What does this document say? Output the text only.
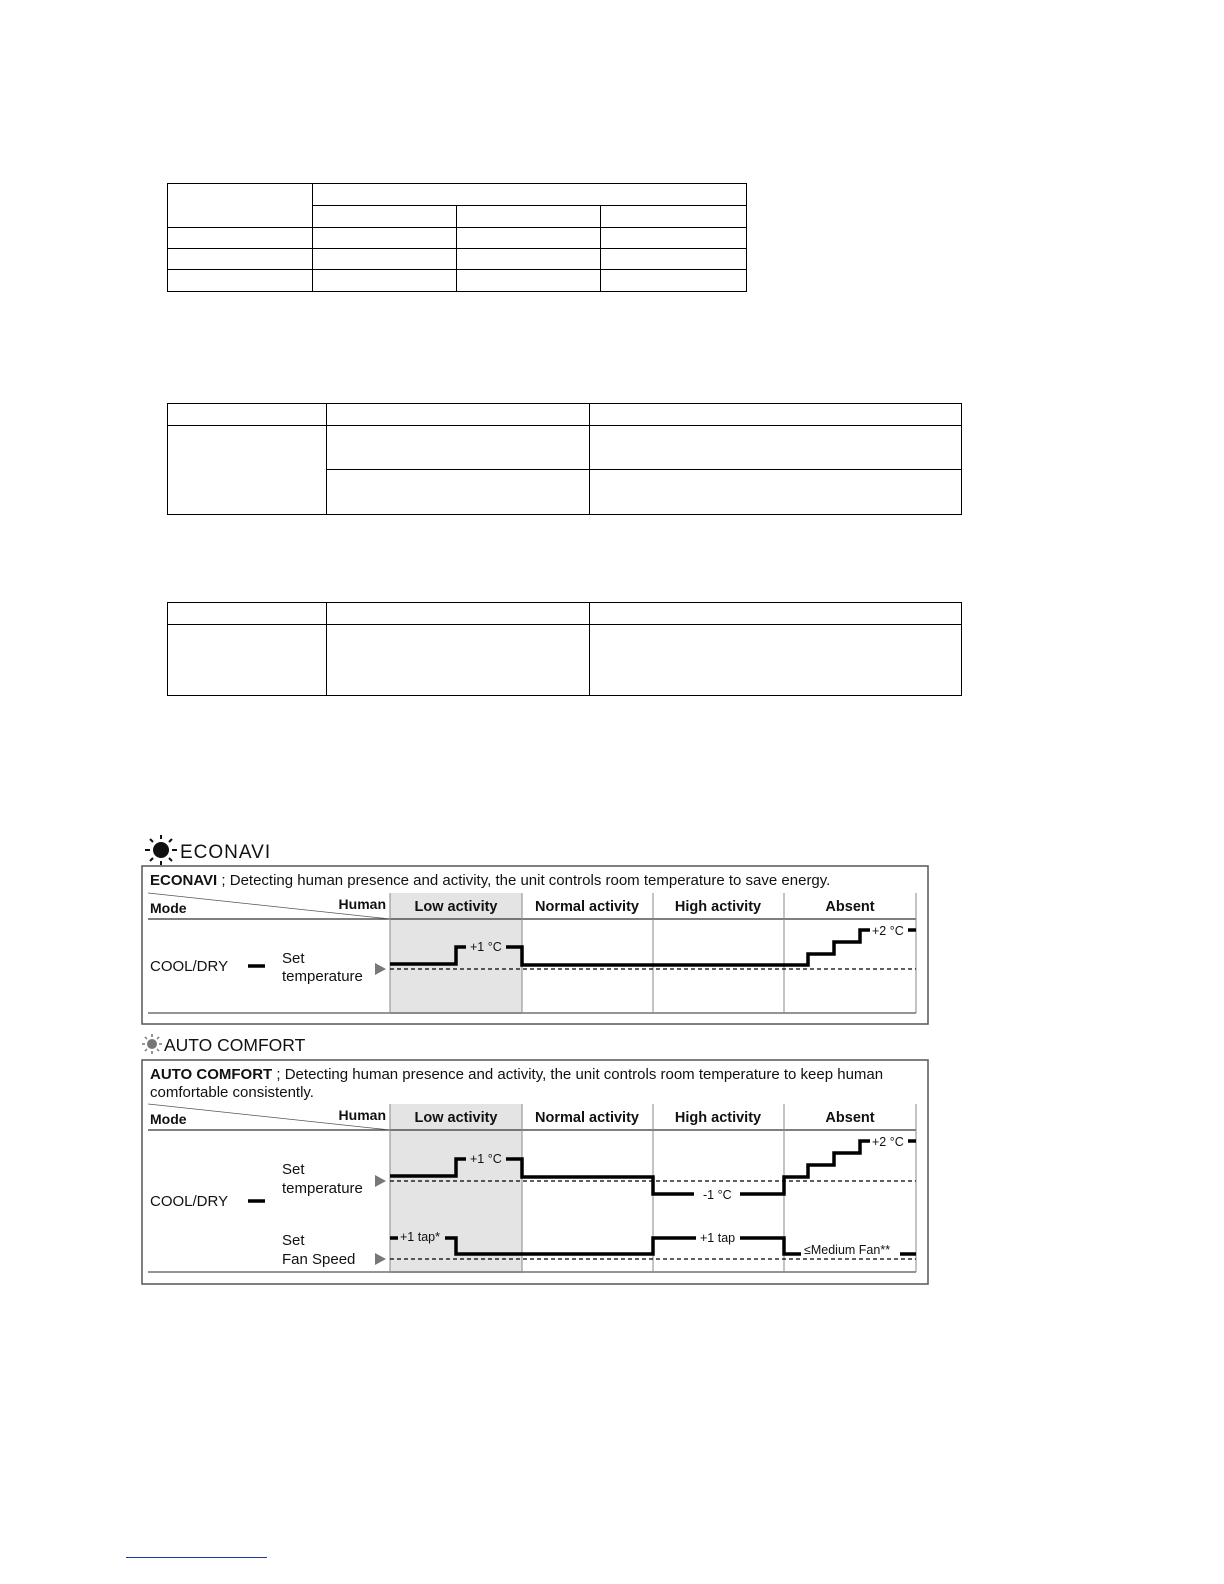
ECONAVI
ECONAVI ; Detecting human presence and activity, the unit controls room temperature to save energy.
Mode	Human Low activity	Normal activity High activity	Absent
COOL/DRY	Set
temperature
+1 °C
+2 °C
AUTO COMFORT
AUTO COMFORT ; Detecting human presence and activity, the unit controls room temperature to keep human
comfortable consistently.
Mode	Human Low activity	Normal activity High activity	Absent
COOL/DRY
Set
temperature
+1 °C
-1 °C
+2 °C
Set
Fan Speed
+1 tap*	+1 tap
≤Medium Fan**
